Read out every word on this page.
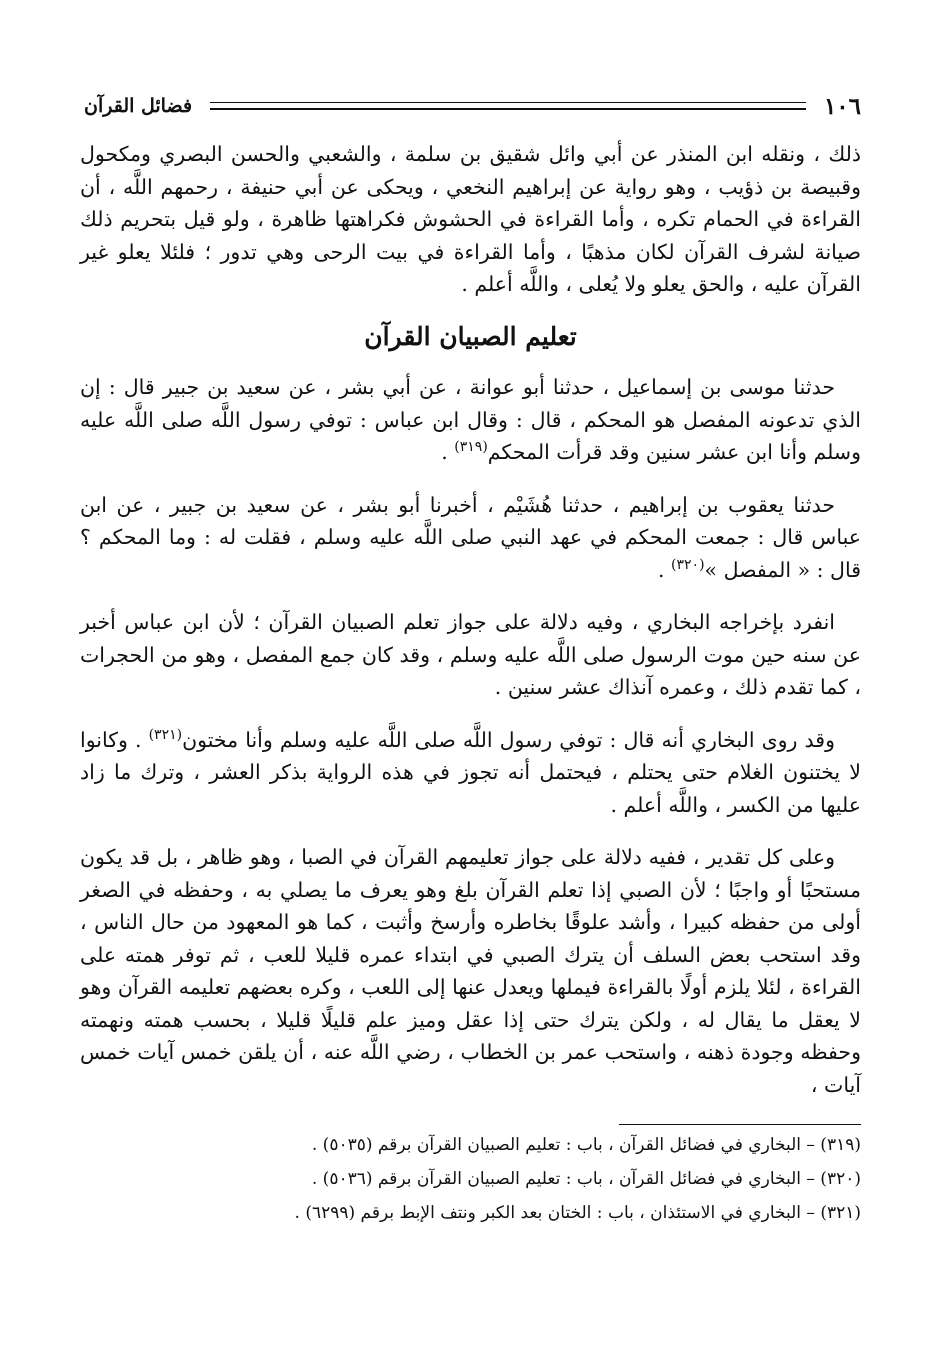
١٠٦
فضائل القرآن

ذلك ، ونقله ابن المنذر عن أبي وائل شقيق بن سلمة ، والشعبي والحسن البصري ومكحول وقبيصة بن ذؤيب ، وهو رواية عن إبراهيم النخعي ، ويحكى عن أبي حنيفة ، رحمهم اللَّه ، أن القراءة في الحمام تكره ، وأما القراءة في الحشوش فكراهتها ظاهرة ، ولو قيل بتحريم ذلك صيانة لشرف القرآن لكان مذهبًا ، وأما القراءة في بيت الرحى وهي تدور ؛ فلئلا يعلو غير القرآن عليه ، والحق يعلو ولا يُعلى ، واللَّه أعلم .

تعليم الصبيان القرآن

حدثنا موسى بن إسماعيل ، حدثنا أبو عوانة ، عن أبي بشر ، عن سعيد بن جبير قال : إن الذي تدعونه المفصل هو المحكم ، قال : وقال ابن عباس : توفي رسول اللَّه صلى اللَّه عليه وسلم وأنا ابن عشر سنين وقد قرأت المحكم$^{(٣١٩)}$ .

حدثنا يعقوب بن إبراهيم ، حدثنا هُشَيْم ، أخبرنا أبو بشر ، عن سعيد بن جبير ، عن ابن عباس قال : جمعت المحكم في عهد النبي صلى اللَّه عليه وسلم ، فقلت له : وما المحكم ؟ قال : « المفصل »$^{(٣٢٠)}$ .

انفرد بإخراجه البخاري ، وفيه دلالة على جواز تعلم الصبيان القرآن ؛ لأن ابن عباس أخبر عن سنه حين موت الرسول صلى اللَّه عليه وسلم ، وقد كان جمع المفصل ، وهو من الحجرات ، كما تقدم ذلك ، وعمره آنذاك عشر سنين .

وقد روى البخاري أنه قال : توفي رسول اللَّه صلى اللَّه عليه وسلم وأنا مختون$^{(٣٢١)}$ . وكانوا لا يختنون الغلام حتى يحتلم ، فيحتمل أنه تجوز في هذه الرواية بذكر العشر ، وترك ما زاد عليها من الكسر ، واللَّه أعلم .

وعلى كل تقدير ، ففيه دلالة على جواز تعليمهم القرآن في الصبا ، وهو ظاهر ، بل قد يكون مستحبًا أو واجبًا ؛ لأن الصبي إذا تعلم القرآن بلغ وهو يعرف ما يصلي به ، وحفظه في الصغر أولى من حفظه كبيرا ، وأشد علوقًا بخاطره وأرسخ وأثبت ، كما هو المعهود من حال الناس ، وقد استحب بعض السلف أن يترك الصبي في ابتداء عمره قليلا للعب ، ثم توفر همته على القراءة ، لئلا يلزم أولًا بالقراءة فيملها ويعدل عنها إلى اللعب ، وكره بعضهم تعليمه القرآن وهو لا يعقل ما يقال له ، ولكن يترك حتى إذا عقل وميز علم قليلًا قليلا ، بحسب همته ونهمته وحفظه وجودة ذهنه ، واستحب عمر بن الخطاب ، رضي اللَّه عنه ، أن يلقن خمس آيات خمس آيات ،

(٣١٩) – البخاري في فضائل القرآن ، باب : تعليم الصبيان القرآن برقم (٥٠٣٥) .

(٣٢٠) – البخاري في فضائل القرآن ، باب : تعليم الصبيان القرآن برقم (٥٠٣٦) .

(٣٢١) – البخاري في الاستئذان ، باب : الختان بعد الكبر ونتف الإبط برقم (٦٢٩٩) .
